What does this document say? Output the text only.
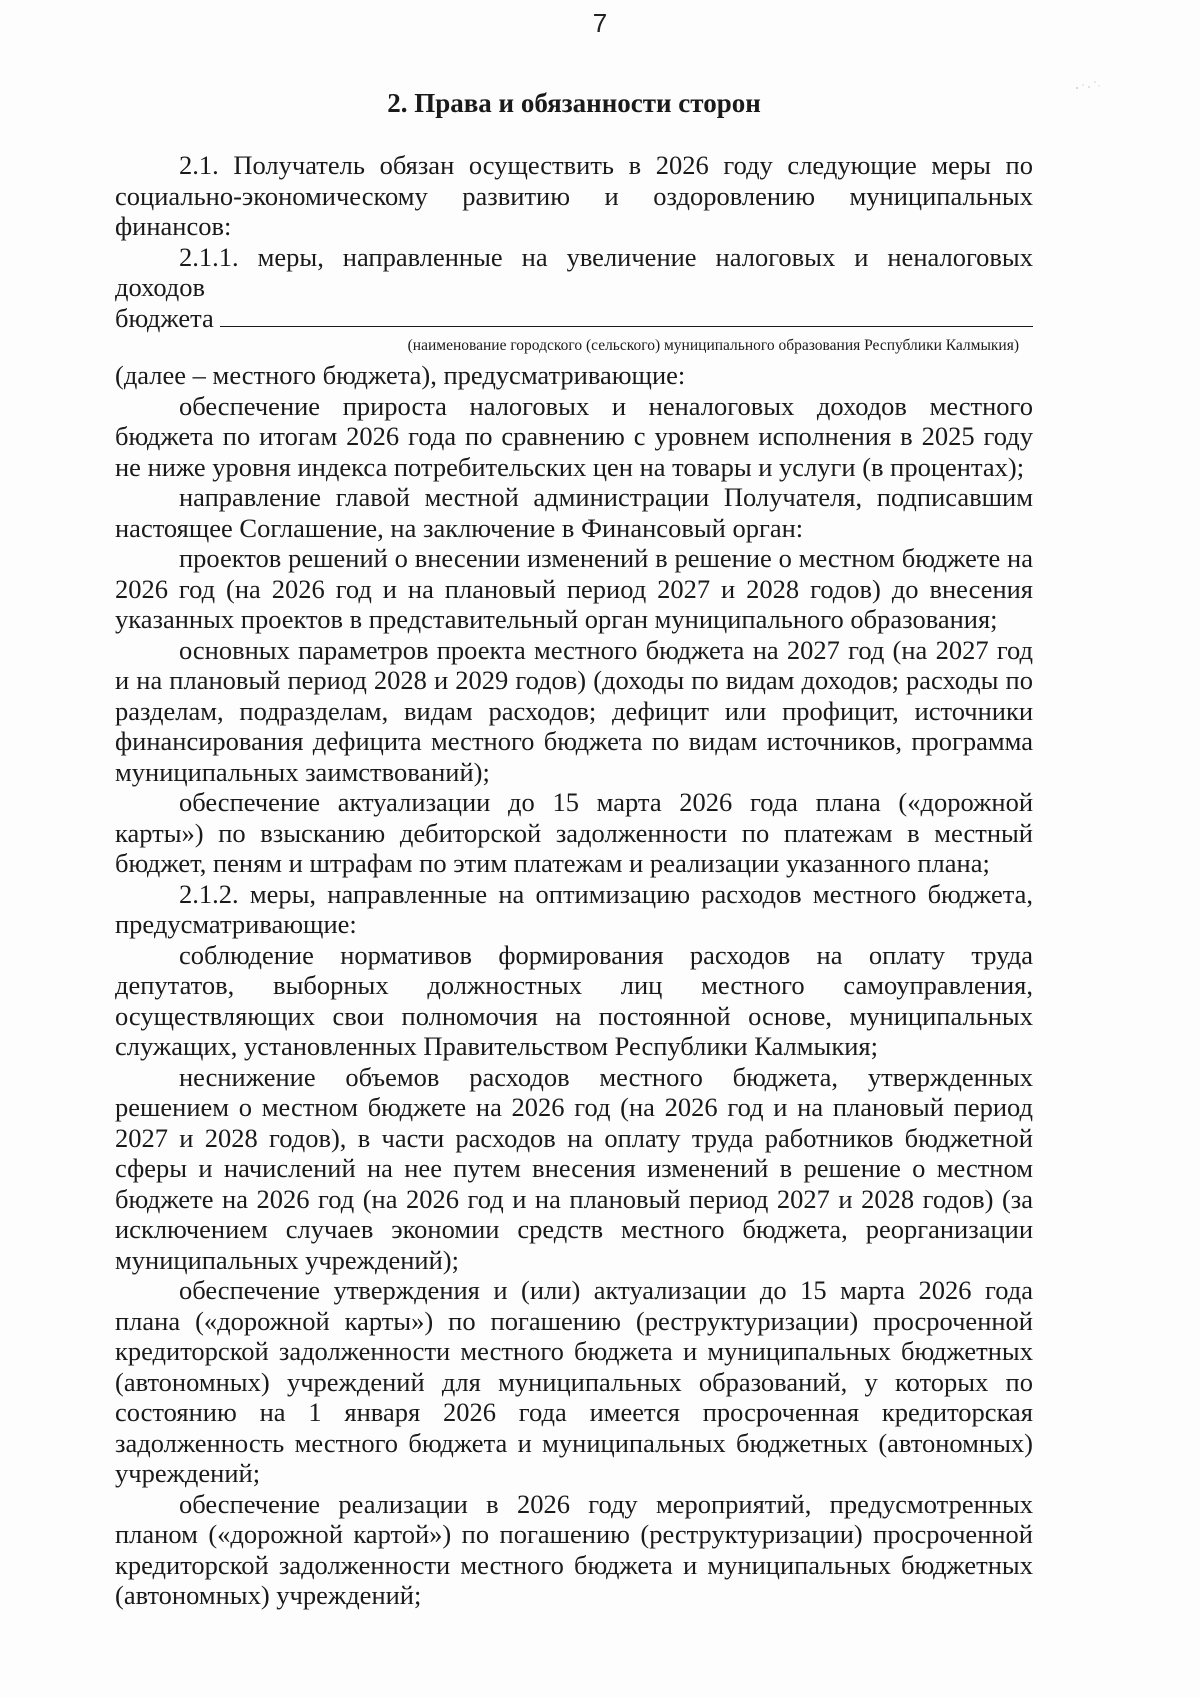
7
2. Права и обязанности сторон

2.1. Получатель обязан осуществить в 2026 году следующие меры по социально-экономическому развитию и оздоровлению муниципальных финансов:

2.1.1. меры, направленные на увеличение налоговых и неналоговых доходов

бюджета
(наименование городского (сельского) муниципального образования Республики Калмыкия)

(далее – местного бюджета), предусматривающие:

обеспечение прироста налоговых и неналоговых доходов местного бюджета по итогам 2026 года по сравнению с уровнем исполнения в 2025 году не ниже уровня индекса потребительских цен на товары и услуги (в процентах);

направление главой местной администрации Получателя, подписавшим настоящее Соглашение, на заключение в Финансовый орган:

проектов решений о внесении изменений в решение о местном бюджете на 2026 год (на 2026 год и на плановый период 2027 и 2028 годов) до внесения указанных проектов в представительный орган муниципального образования;

основных параметров проекта местного бюджета на 2027 год (на 2027 год и на плановый период 2028 и 2029 годов) (доходы по видам доходов; расходы по разделам, подразделам, видам расходов; дефицит или профицит, источники финансирования дефицита местного бюджета по видам источников, программа муниципальных заимствований);

обеспечение актуализации до 15 марта 2026 года плана («дорожной карты») по взысканию дебиторской задолженности по платежам в местный бюджет, пеням и штрафам по этим платежам и реализации указанного плана;

2.1.2. меры, направленные на оптимизацию расходов местного бюджета, предусматривающие:

соблюдение нормативов формирования расходов на оплату труда депутатов, выборных должностных лиц местного самоуправления, осуществляющих свои полномочия на постоянной основе, муниципальных служащих, установленных Правительством Республики Калмыкия;

неснижение объемов расходов местного бюджета, утвержденных решением о местном бюджете на 2026 год (на 2026 год и на плановый период 2027 и 2028 годов), в части расходов на оплату труда работников бюджетной сферы и начислений на нее путем внесения изменений в решение о местном бюджете на 2026 год (на 2026 год и на плановый период 2027 и 2028 годов) (за исключением случаев экономии средств местного бюджета, реорганизации муниципальных учреждений);

обеспечение утверждения и (или) актуализации до 15 марта 2026 года плана («дорожной карты») по погашению (реструктуризации) просроченной кредиторской задолженности местного бюджета и муниципальных бюджетных (автономных) учреждений для муниципальных образований, у которых по состоянию на 1 января 2026 года имеется просроченная кредиторская задолженность местного бюджета и муниципальных бюджетных (автономных) учреждений;

обеспечение реализации в 2026 году мероприятий, предусмотренных планом («дорожной картой») по погашению (реструктуризации) просроченной кредиторской задолженности местного бюджета и муниципальных бюджетных (автономных) учреждений;
